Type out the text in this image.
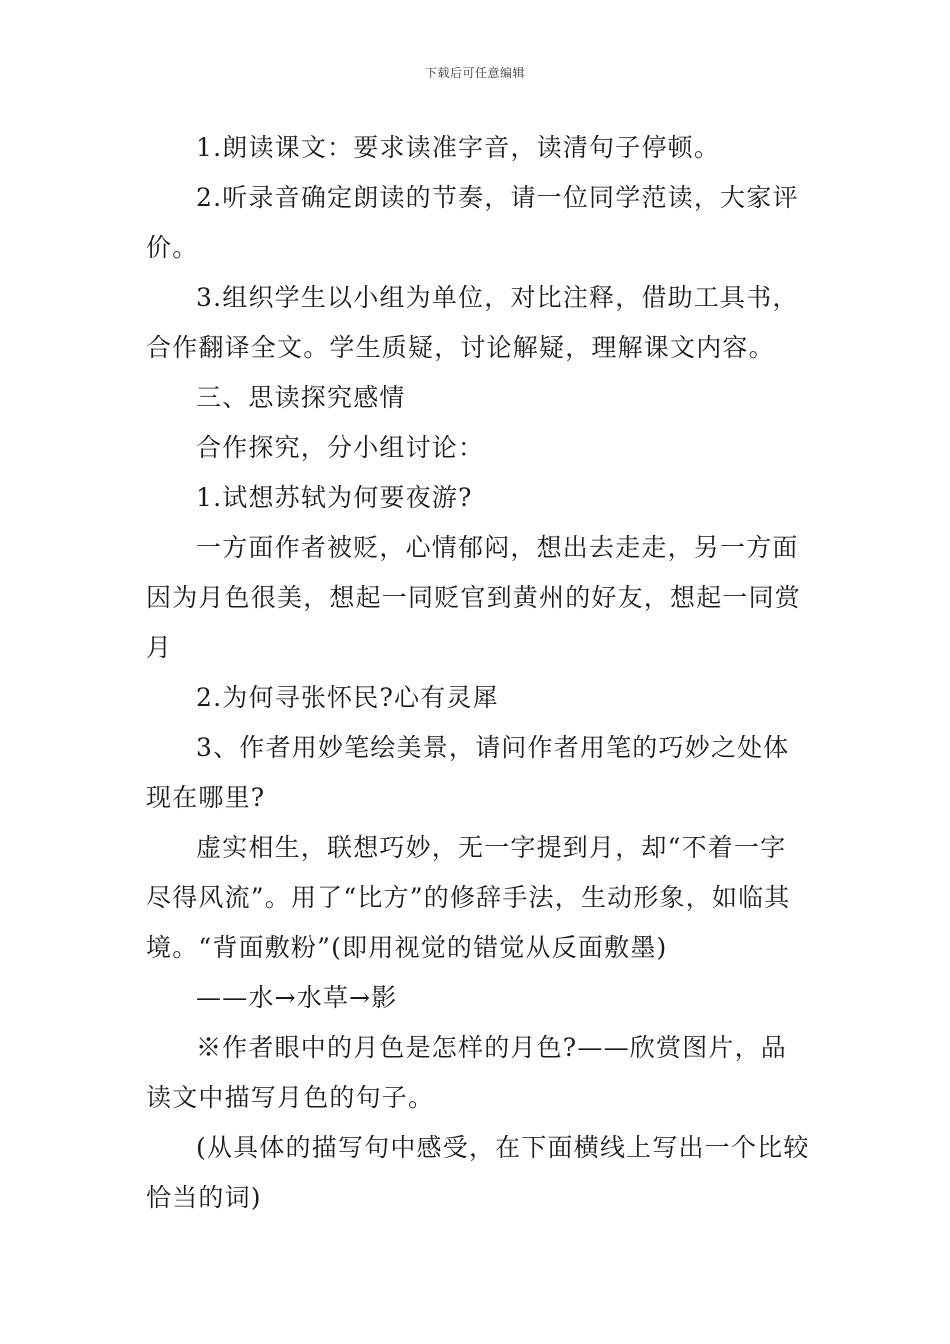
下载后可任意编辑

1.朗读课文：要求读准字音，读清句子停顿。

2.听录音确定朗读的节奏，请一位同学范读，大家评价。

3.组织学生以小组为单位，对比注释，借助工具书，合作翻译全文。学生质疑，讨论解疑，理解课文内容。

三、思读探究感情

合作探究，分小组讨论：

1.试想苏轼为何要夜游?

一方面作者被贬，心情郁闷，想出去走走，另一方面因为月色很美，想起一同贬官到黄州的好友，想起一同赏月

2.为何寻张怀民?心有灵犀

3、作者用妙笔绘美景，请问作者用笔的巧妙之处体现在哪里?

虚实相生，联想巧妙，无一字提到月，却“不着一字尽得风流”。用了“比方”的修辞手法，生动形象，如临其境。“背面敷粉”(即用视觉的错觉从反面敷墨)

——水→水草→影

※作者眼中的月色是怎样的月色?——欣赏图片，品读文中描写月色的句子。

(从具体的描写句中感受，在下面横线上写出一个比较恰当的词)
